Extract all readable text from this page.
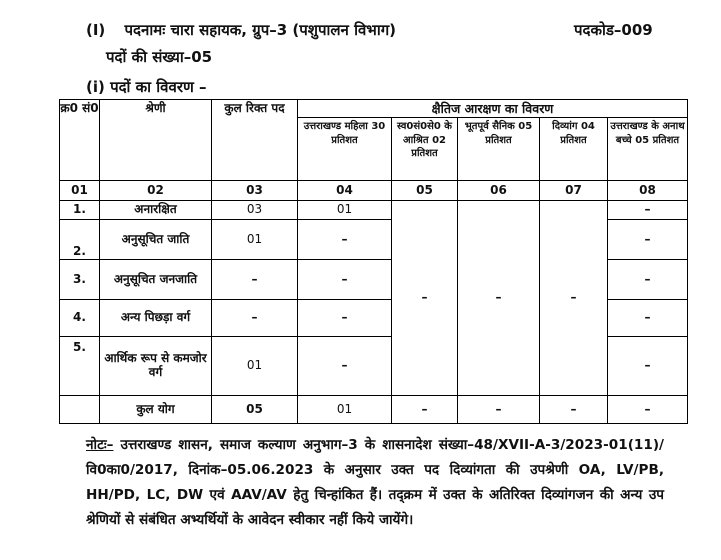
(I) पदनामः चारा सहायक, ग्रुप–3 (पशुपालन विभाग)	पदकोड–009
पदों की संख्या–05
(i) पदों का विवरण –
क्र0 सं0	श्रेणी	कुल रिक्त पद	क्षैतिज आरक्षण का विवरण				
			उत्तराखण्ड महिला 30 प्रतिशत	स्व0सं0से0 के आश्रित 02 प्रतिशत	भूतपूर्व सैनिक 05 प्रतिशत	दिव्यांग 04 प्रतिशत	उत्तराखण्ड के अनाथ बच्चे 05 प्रतिशत
01	02	03	04	05	06	07	08
1.	अनारक्षित	03	01	–	–	–	–
2.	अनुसूचित जाति	01	–				–
3.	अनुसूचित जनजाति	–	–				–
4.	अन्य पिछड़ा वर्ग	–	–				–
5.	आर्थिक रूप से कमजोर वर्ग	01	–				–
	कुल योग	05	01	–	–	–	–
नोटः– उत्तराखण्ड शासन, समाज कल्याण अनुभाग–3 के शासनादेश संख्या–48/XVII-A-3/2023-01(11)/वि0का0/2017, दिनांक–05.06.2023 के अनुसार उक्त पद दिव्यांगता की उपश्रेणी OA, LV/PB, HH/PD, LC, DW एवं AAV/AV हेतु चिन्हांकित हैं। तद्क्रम में उक्त के अतिरिक्त दिव्यांगजन की अन्य उप श्रेणियों से संबंधित अभ्यर्थियों के आवेदन स्वीकार नहीं किये जायेंगे।
